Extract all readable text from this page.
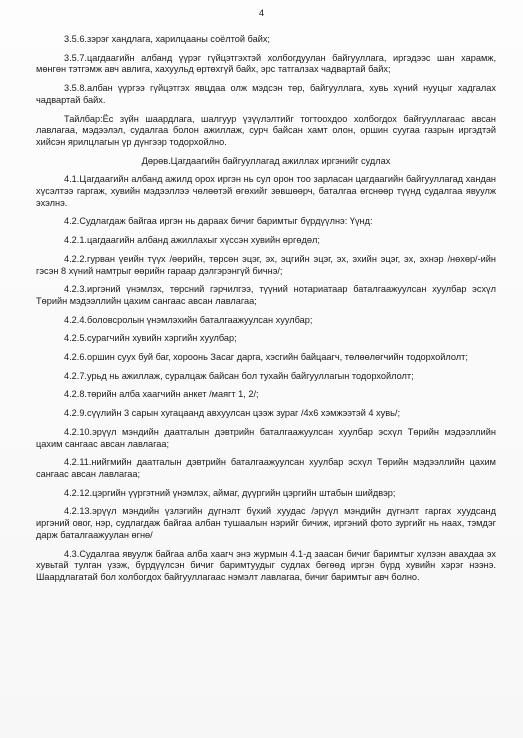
4

3.5.6.зэрэг хандлага, харилцааны соёлтой байх;

3.5.7.цагдаагийн албанд үүрэг гүйцэтгэхтэй холбогдуулан байгууллага, иргэдээс шан харамж, мөнгөн тэтгэмж авч авлига, хахуульд өртөхгүй байх, эрс татгалзах чадвартай байх;

3.5.8.албан үүргээ гүйцэтгэх явцдаа олж мэдсэн төр, байгууллага, хувь хүний нууцыг хадгалах чадвартай байх.

Тайлбар:Ёс зүйн шаардлага, шалгуур үзүүлэлтийг тогтоохдоо холбогдох байгууллагаас авсан лавлагаа, мэдээлэл, судалгаа болон ажиллаж, сурч байсан хамт олон, оршин суугаа газрын иргэдтэй хийсэн ярилцлагын үр дүнгээр тодорхойлно.

Дөрөв.Цагдаагийн байгууллагад ажиллах иргэнийг судлах

4.1.Цагдаагийн албанд ажилд орох иргэн нь сул орон тоо зарласан цагдаагийн байгууллагад хандан хүсэлтээ гаргаж, хувийн мэдээллээ чөлөөтэй өгөхийг зөвшөөрч, баталгаа өгснөөр түүнд судалгаа явуулж эхэлнэ.

4.2.Судлагдаж байгаа иргэн нь дараах бичиг баримтыг бүрдүүлнэ: Үүнд:

4.2.1.цагдаагийн албанд ажиллахыг хүссэн хувийн өргөдөл;

4.2.2.гурван үеийн түүх /өөрийн, төрсөн эцэг, эх, эцгийн эцэг, эх, эхийн эцэг, эх, эхнэр /нөхөр/-ийн гэсэн 8 хүний намтрыг өөрийн гараар дэлгэрэнгүй бичнэ/;

4.2.3.иргэний үнэмлэх, төрсний гэрчилгээ, түүний нотариатаар баталгаажуулсан хуулбар эсхүл Төрийн мэдээллийн цахим сангаас авсан лавлагаа;

4.2.4.боловсролын үнэмлэхийн баталгаажуулсан хуулбар;

4.2.5.сурагчийн хувийн хэргийн хуулбар;

4.2.6.оршин суух буй баг, хороонь Засаг дарга, хэсгийн байцаагч, төлөөлөгчийн тодорхойлолт;

4.2.7.урьд нь ажиллаж, суралцаж байсан бол тухайн байгууллагын тодорхойлолт;

4.2.8.төрийн алба хаагчийн анкет /маягт 1, 2/;

4.2.9.сүүлийн 3 сарын хугацаанд авхуулсан цээж зураг /4х6 хэмжээтэй 4 хувь/;

4.2.10.эрүүл мэндийн даатгалын дэвтрийн баталгаажуулсан хуулбар эсхүл Төрийн мэдээллийн цахим сангаас авсан лавлагаа;

4.2.11.нийгмийн даатгалын дэвтрийн баталгаажуулсан хуулбар эсхүл Төрийн мэдээллийн цахим сангаас авсан лавлагаа;

4.2.12.цэргийн үүргэтний үнэмлэх, аймаг, дүүргийн цэргийн штабын шийдвэр;

4.2.13.эрүүл мэндийн үзлэгийн дүгнэлт бүхий хуудас /эрүүл мэндийн дүгнэлт гаргах хуудсанд иргэний овог, нэр, судлагдаж байгаа албан тушаалын нэрийг бичиж, иргэний фото зургийг нь наах, тэмдэг дарж баталгаажуулан өгнө/

4.3.Судалгаа явуулж байгаа алба хаагч энэ журмын 4.1-д заасан бичиг баримтыг хүлээн авахдаа эх хувьтай тулган үзэж, бүрдүүлсэн бичиг баримтуудыг судлах бөгөөд иргэн бүрд хувийн хэрэг нээнэ. Шаардлагатай бол холбогдох байгууллагаас нэмэлт лавлагаа, бичиг баримтыг авч болно.
